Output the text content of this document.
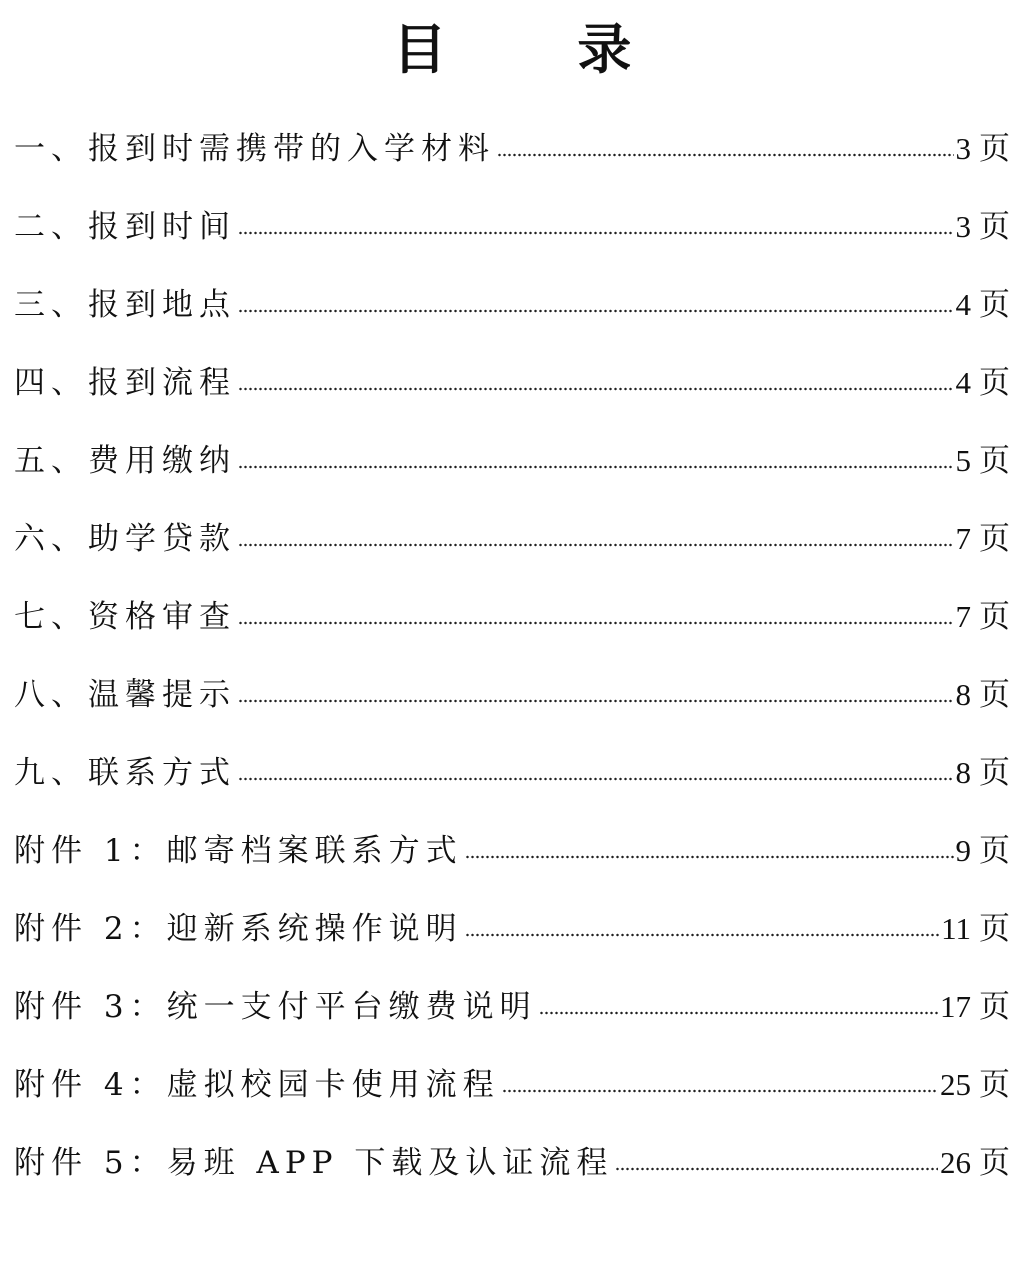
目 录
一、报到时需携带的入学材料	3 页
二、报到时间	3 页
三、报到地点	4 页
四、报到流程	4 页
五、费用缴纳	5 页
六、助学贷款	7 页
七、资格审查	7 页
八、温馨提示	8 页
九、联系方式	8 页
附件 1：邮寄档案联系方式	9 页
附件 2：迎新系统操作说明	11 页
附件 3：统一支付平台缴费说明	17 页
附件 4：虚拟校园卡使用流程	25 页
附件 5：易班 APP 下载及认证流程	26 页
